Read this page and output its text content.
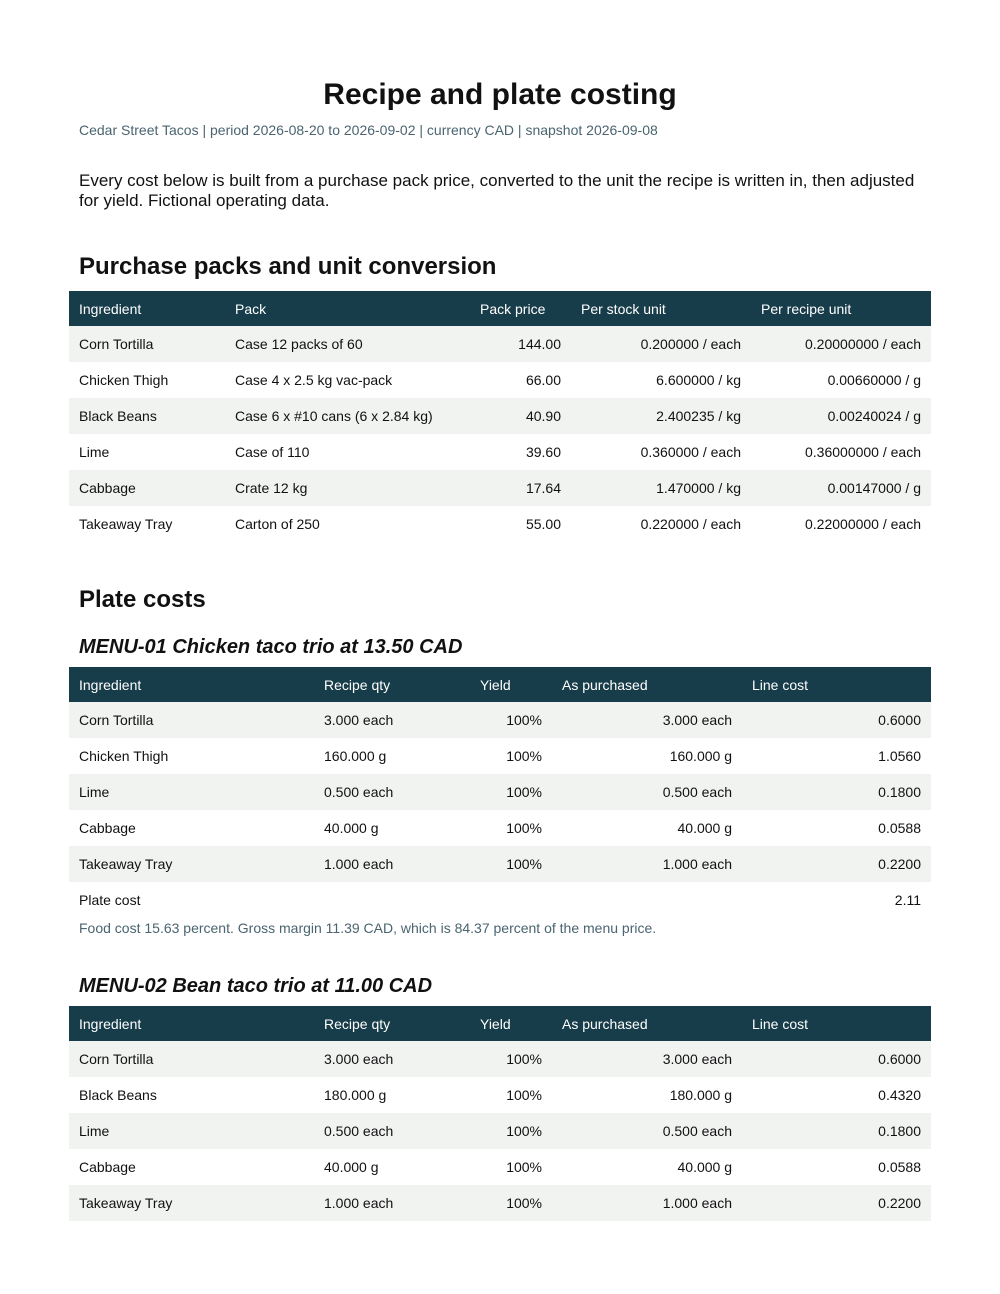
Recipe and plate costing
Cedar Street Tacos | period 2026-08-20 to 2026-09-02 | currency CAD | snapshot 2026-09-08
Every cost below is built from a purchase pack price, converted to the unit the recipe is written in, then adjusted for yield. Fictional operating data.
Purchase packs and unit conversion
Ingredient	Pack	Pack price	Per stock unit	Per recipe unit
Corn Tortilla	Case 12 packs of 60	144.00	0.200000 / each	0.20000000 / each
Chicken Thigh	Case 4 x 2.5 kg vac-pack	66.00	6.600000 / kg	0.00660000 / g
Black Beans	Case 6 x #10 cans (6 x 2.84 kg)	40.90	2.400235 / kg	0.00240024 / g
Lime	Case of 110	39.60	0.360000 / each	0.36000000 / each
Cabbage	Crate 12 kg	17.64	1.470000 / kg	0.00147000 / g
Takeaway Tray	Carton of 250	55.00	0.220000 / each	0.22000000 / each
Plate costs
MENU-01 Chicken taco trio at 13.50 CAD
Ingredient	Recipe qty	Yield	As purchased	Line cost
Corn Tortilla	3.000 each	100%	3.000 each	0.6000
Chicken Thigh	160.000 g	100%	160.000 g	1.0560
Lime	0.500 each	100%	0.500 each	0.1800
Cabbage	40.000 g	100%	40.000 g	0.0588
Takeaway Tray	1.000 each	100%	1.000 each	0.2200
Plate cost				2.11
Food cost 15.63 percent. Gross margin 11.39 CAD, which is 84.37 percent of the menu price.
MENU-02 Bean taco trio at 11.00 CAD
Ingredient	Recipe qty	Yield	As purchased	Line cost
Corn Tortilla	3.000 each	100%	3.000 each	0.6000
Black Beans	180.000 g	100%	180.000 g	0.4320
Lime	0.500 each	100%	0.500 each	0.1800
Cabbage	40.000 g	100%	40.000 g	0.0588
Takeaway Tray	1.000 each	100%	1.000 each	0.2200
